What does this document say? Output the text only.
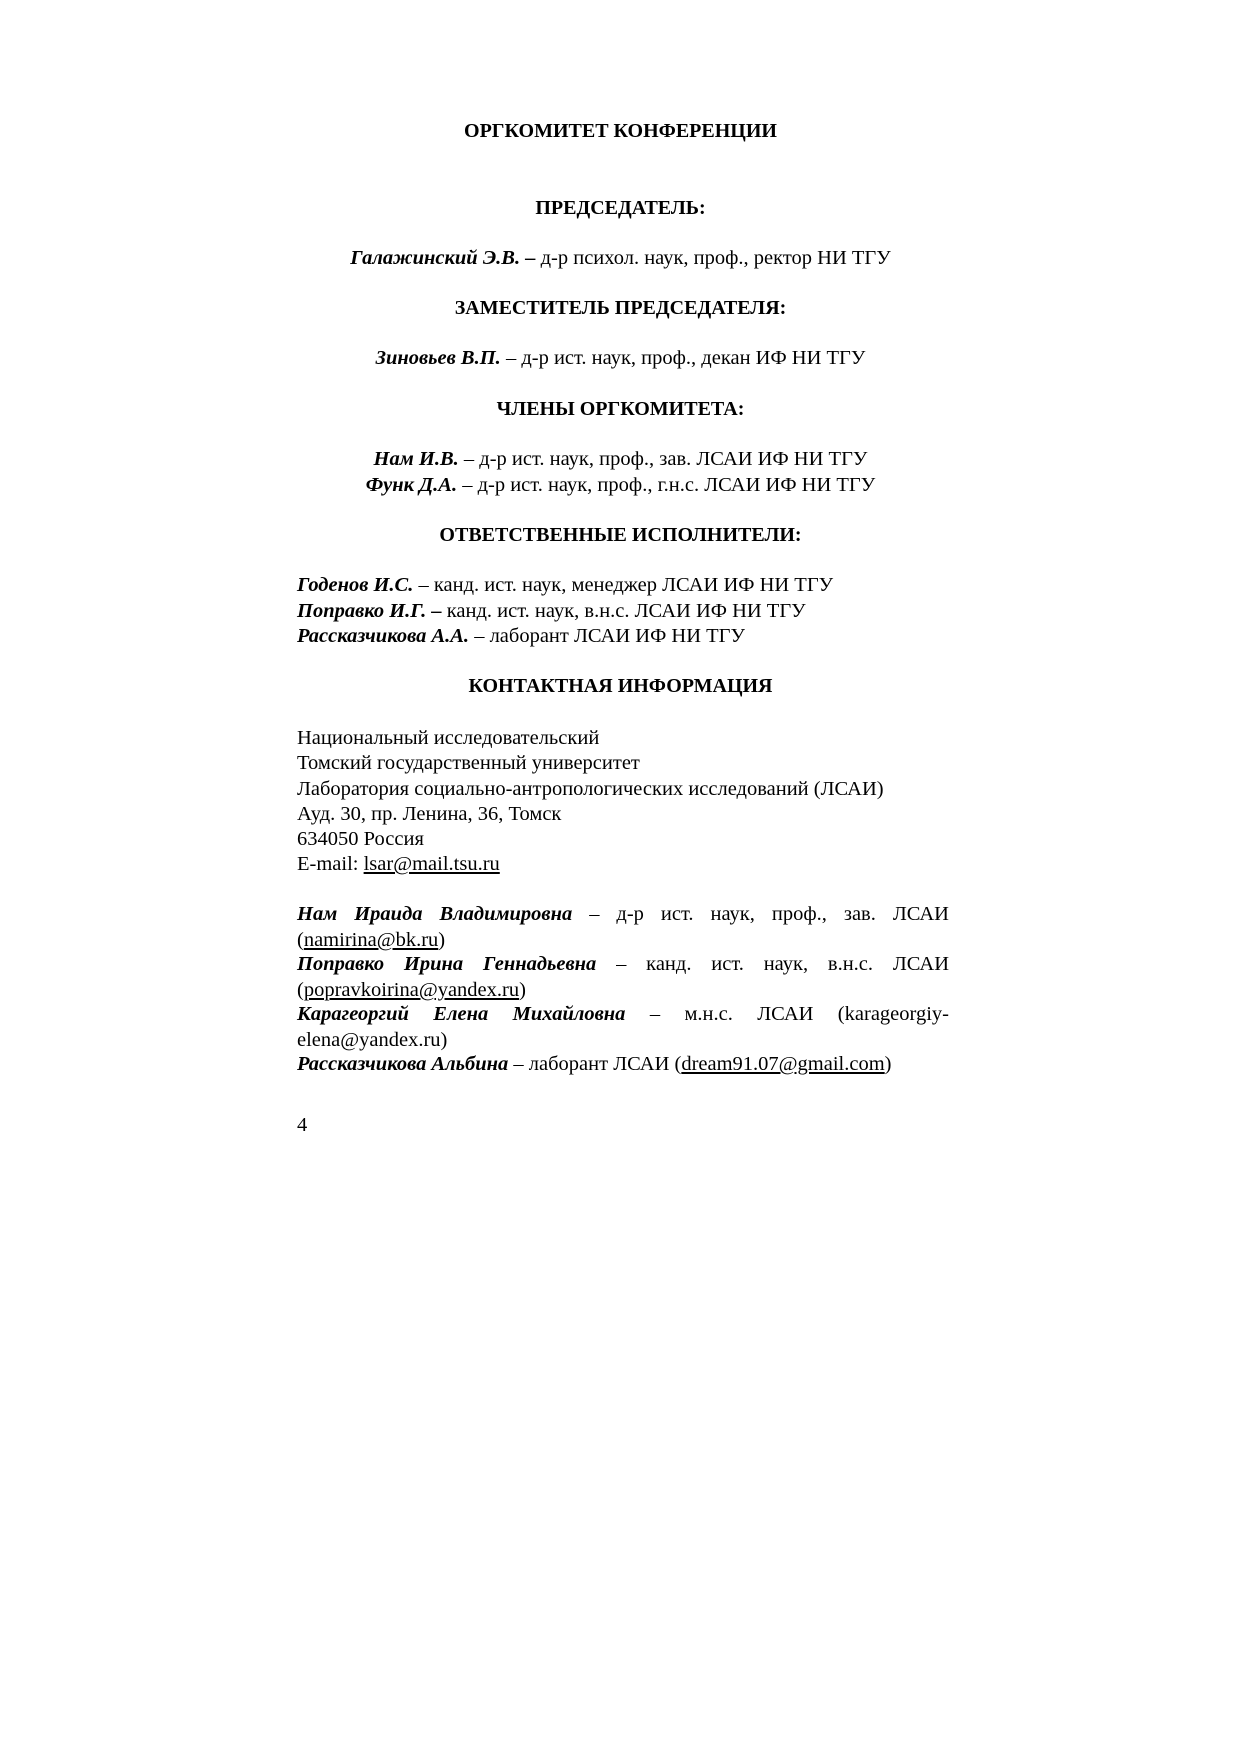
ОРГКОМИТЕТ КОНФЕРЕНЦИИ
ПРЕДСЕДАТЕЛЬ:
Галажинский Э.В. – д-р психол. наук, проф., ректор НИ ТГУ
ЗАМЕСТИТЕЛЬ ПРЕДСЕДАТЕЛЯ:
Зиновьев В.П. – д-р ист. наук, проф., декан ИФ НИ ТГУ
ЧЛЕНЫ ОРГКОМИТЕТА:
Нам И.В. – д-р ист. наук, проф., зав. ЛСАИ ИФ НИ ТГУ
Функ Д.А. – д-р ист. наук, проф., г.н.с. ЛСАИ ИФ НИ ТГУ
ОТВЕТСТВЕННЫЕ ИСПОЛНИТЕЛИ:
Годенов И.С. – канд. ист. наук, менеджер ЛСАИ ИФ НИ ТГУ
Поправко И.Г. – канд. ист. наук, в.н.с. ЛСАИ ИФ НИ ТГУ
Рассказчикова А.А. – лаборант ЛСАИ ИФ НИ ТГУ
КОНТАКТНАЯ ИНФОРМАЦИЯ
Национальный исследовательский
Томский государственный университет
Лаборатория социально-антропологических исследований (ЛСАИ)
Ауд. 30, пр. Ленина, 36, Томск
634050 Россия
E-mail: lsar@mail.tsu.ru
Нам Ираида Владимировна – д-р ист. наук, проф., зав. ЛСАИ (namirina@bk.ru)
Поправко Ирина Геннадьевна – канд. ист. наук, в.н.с. ЛСАИ (popravkoirina@yandex.ru)
Карагеоргий Елена Михайловна – м.н.с. ЛСАИ (karageorgiy-elena@yandex.ru)
Рассказчикова Альбина – лаборант ЛСАИ (dream91.07@gmail.com)
4
